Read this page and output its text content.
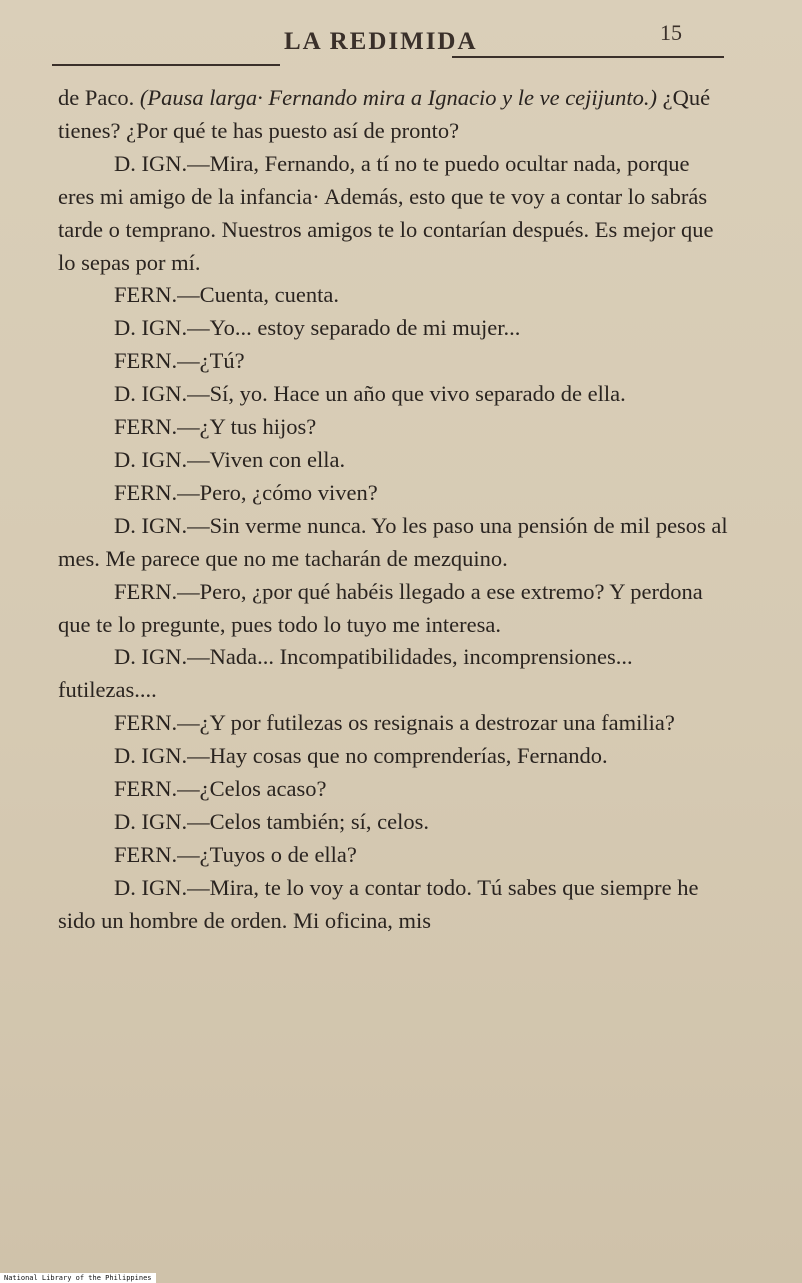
LA REDIMIDA	15

de Paco. (Pausa larga· Fernando mira a Ignacio y le ve cejijunto.) ¿Qué tienes? ¿Por qué te has puesto así de pronto?

D. IGN.—Mira, Fernando, a tí no te puedo ocultar nada, porque eres mi amigo de la infancia· Además, esto que te voy a contar lo sabrás tarde o temprano. Nuestros amigos te lo contarían después. Es mejor que lo sepas por mí.

FERN.—Cuenta, cuenta.

D. IGN.—Yo... estoy separado de mi mujer...

FERN.—¿Tú?

D. IGN.—Sí, yo. Hace un año que vivo separado de ella.

FERN.—¿Y tus hijos?

D. IGN.—Viven con ella.

FERN.—Pero, ¿cómo viven?

D. IGN.—Sin verme nunca. Yo les paso una pensión de mil pesos al mes. Me parece que no me tacharán de mezquino.

FERN.—Pero, ¿por qué habéis llegado a ese extremo? Y perdona que te lo pregunte, pues todo lo tuyo me interesa.

D. IGN.—Nada... Incompatibilidades, incomprensiones... futilezas....

FERN.—¿Y por futilezas os resignais a destrozar una familia?

D. IGN.—Hay cosas que no comprenderías, Fernando.

FERN.—¿Celos acaso?

D. IGN.—Celos también; sí, celos.

FERN.—¿Tuyos o de ella?

D. IGN.—Mira, te lo voy a contar todo. Tú sabes que siempre he sido un hombre de orden. Mi oficina, mis

National Library of the Philippines
